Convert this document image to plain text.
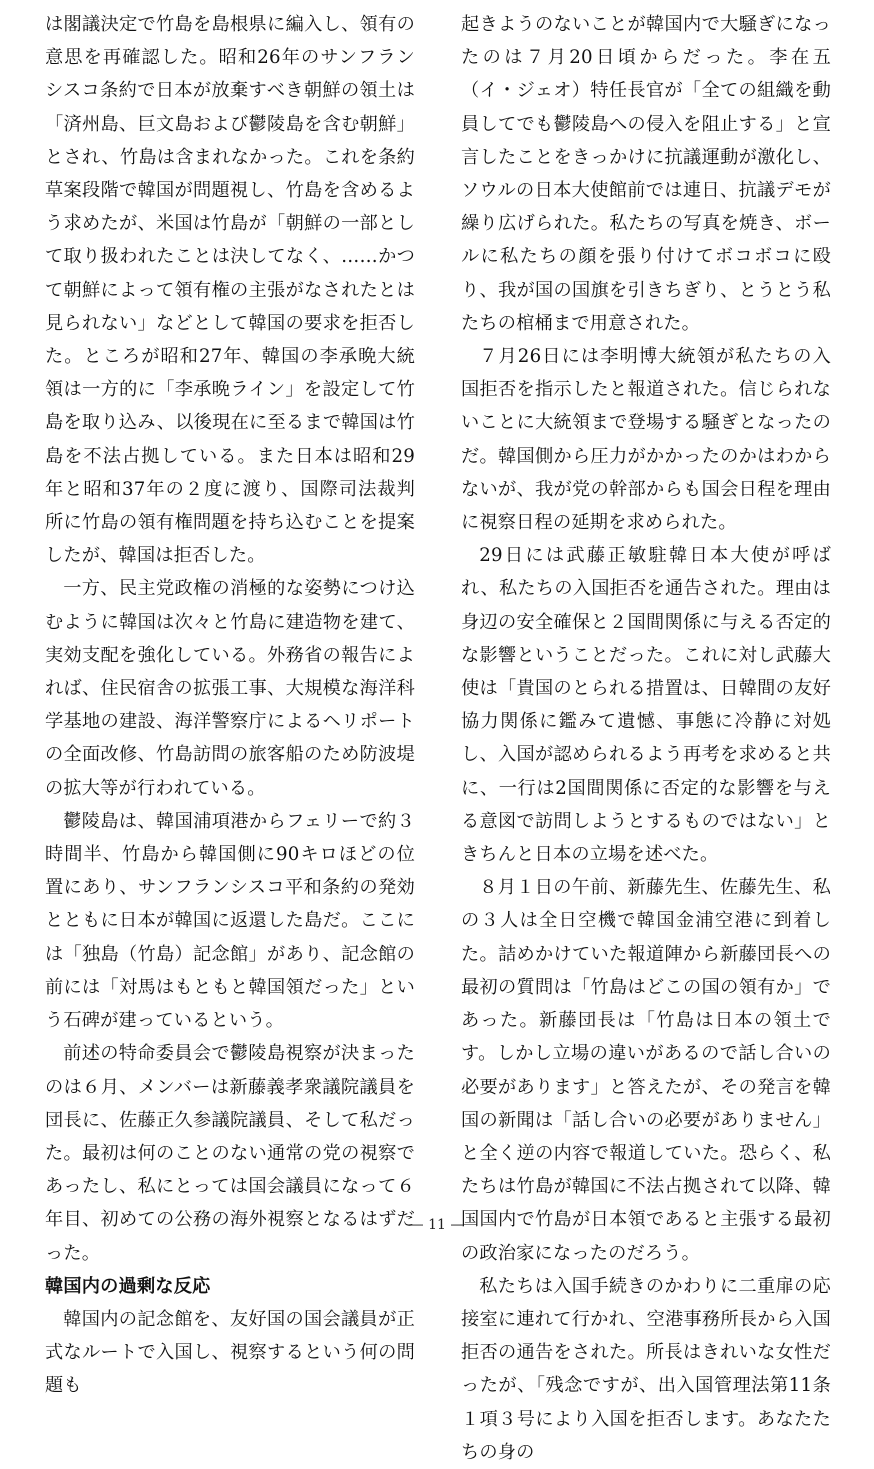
は閣議決定で竹島を島根県に編入し、領有の意思を再確認した。昭和26年のサンフランシスコ条約で日本が放棄すべき朝鮮の領土は「済州島、巨文島および鬱陵島を含む朝鮮」とされ、竹島は含まれなかった。これを条約草案段階で韓国が問題視し、竹島を含めるよう求めたが、米国は竹島が「朝鮮の一部として取り扱われたことは決してなく、……かつて朝鮮によって領有権の主張がなされたとは見られない」などとして韓国の要求を拒否した。ところが昭和27年、韓国の李承晩大統領は一方的に「李承晩ライン」を設定して竹島を取り込み、以後現在に至るまで韓国は竹島を不法占拠している。また日本は昭和29年と昭和37年の２度に渡り、国際司法裁判所に竹島の領有権問題を持ち込むことを提案したが、韓国は拒否した。

一方、民主党政権の消極的な姿勢につけ込むように韓国は次々と竹島に建造物を建て、実効支配を強化している。外務省の報告によれば、住民宿舎の拡張工事、大規模な海洋科学基地の建設、海洋警察庁によるヘリポートの全面改修、竹島訪問の旅客船のため防波堤の拡大等が行われている。

鬱陵島は、韓国浦項港からフェリーで約３時間半、竹島から韓国側に90キロほどの位置にあり、サンフランシスコ平和条約の発効とともに日本が韓国に返還した島だ。ここには「独島（竹島）記念館」があり、記念館の前には「対馬はもともと韓国領だった」という石碑が建っているという。

前述の特命委員会で鬱陵島視察が決まったのは６月、メンバーは新藤義孝衆議院議員を団長に、佐藤正久参議院議員、そして私だった。最初は何のことのない通常の党の視察であったし、私にとっては国会議員になって６年目、初めての公務の海外視察となるはずだった。

韓国内の過剰な反応

韓国内の記念館を、友好国の国会議員が正式なルートで入国し、視察するという何の問題も

起きようのないことが韓国内で大騒ぎになったのは７月20日頃からだった。李在五（イ・ジェオ）特任長官が「全ての組織を動員してでも鬱陵島への侵入を阻止する」と宣言したことをきっかけに抗議運動が激化し、ソウルの日本大使館前では連日、抗議デモが繰り広げられた。私たちの写真を焼き、ボールに私たちの顔を張り付けてボコボコに殴り、我が国の国旗を引きちぎり、とうとう私たちの棺桶まで用意された。

７月26日には李明博大統領が私たちの入国拒否を指示したと報道された。信じられないことに大統領まで登場する騒ぎとなったのだ。韓国側から圧力がかかったのかはわからないが、我が党の幹部からも国会日程を理由に視察日程の延期を求められた。

29日には武藤正敏駐韓日本大使が呼ばれ、私たちの入国拒否を通告された。理由は身辺の安全確保と２国間関係に与える否定的な影響ということだった。これに対し武藤大使は「貴国のとられる措置は、日韓間の友好協力関係に鑑みて遺憾、事態に冷静に対処し、入国が認められるよう再考を求めると共に、一行は2国間関係に否定的な影響を与える意図で訪問しようとするものではない」ときちんと日本の立場を述べた。

８月１日の午前、新藤先生、佐藤先生、私の３人は全日空機で韓国金浦空港に到着した。詰めかけていた報道陣から新藤団長への最初の質問は「竹島はどこの国の領有か」であった。新藤団長は「竹島は日本の領土です。しかし立場の違いがあるので話し合いの必要があります」と答えたが、その発言を韓国の新聞は「話し合いの必要がありません」と全く逆の内容で報道していた。恐らく、私たちは竹島が韓国に不法占拠されて以降、韓国国内で竹島が日本領であると主張する最初の政治家になったのだろう。

私たちは入国手続きのかわりに二重扉の応接室に連れて行かれ、空港事務所長から入国拒否の通告をされた。所長はきれいな女性だったが、「残念ですが、出入国管理法第11条１項３号により入国を拒否します。あなたたちの身の

— 11 —
